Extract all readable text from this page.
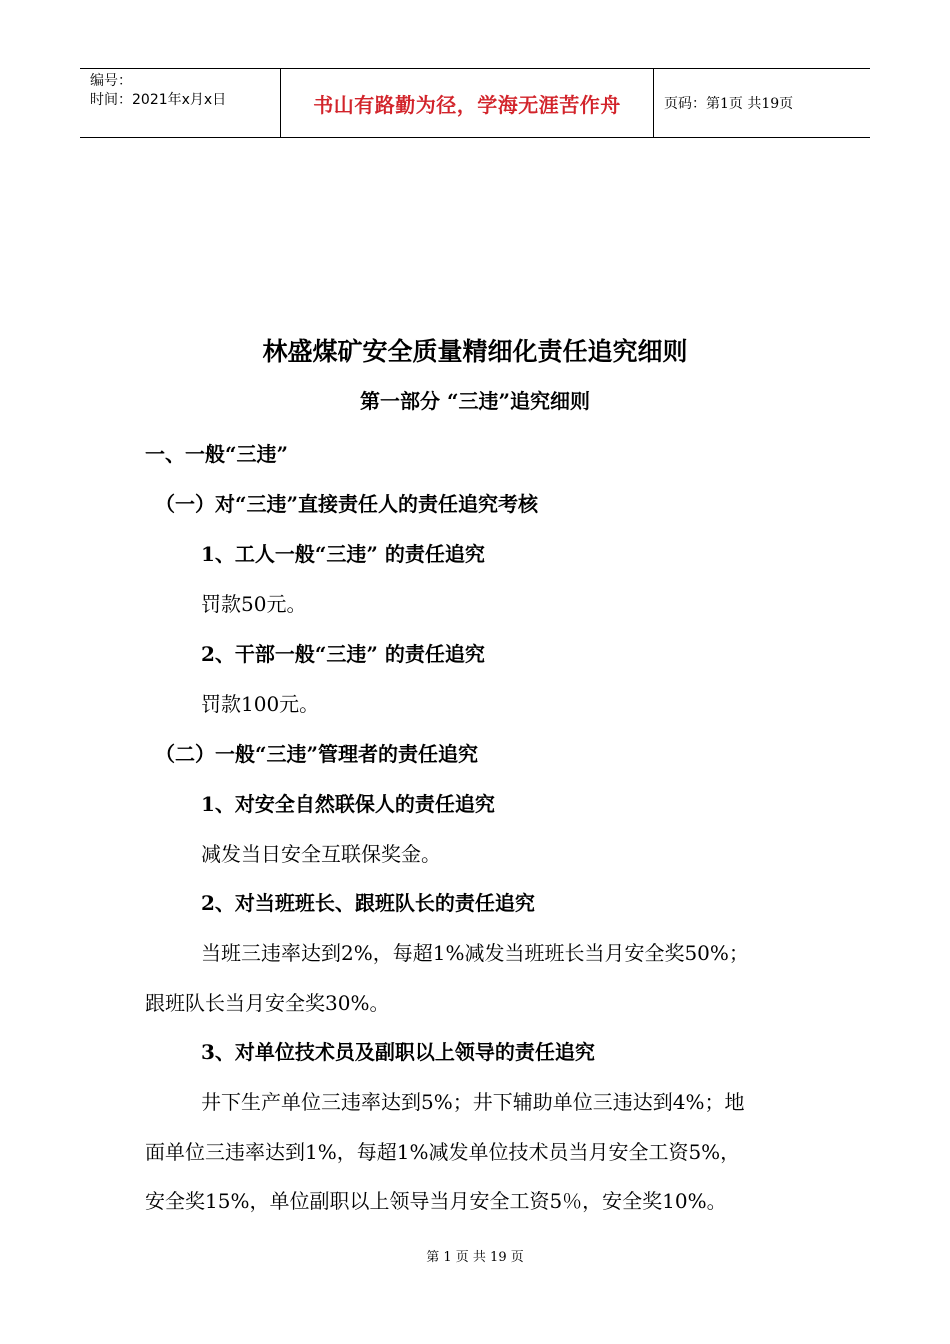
编号：
时间：2021年x月x日	书山有路勤为径，学海无涯苦作舟	页码：第1页 共19页
林盛煤矿安全质量精细化责任追究细则
第一部分 “三违”追究细则
一、一般“三违”
（一）对“三违”直接责任人的责任追究考核
1、工人一般“三违” 的责任追究
罚款50元。
2、干部一般“三违” 的责任追究
罚款100元。
（二）一般“三违”管理者的责任追究
1、对安全自然联保人的责任追究
减发当日安全互联保奖金。
2、对当班班长、跟班队长的责任追究
当班三违率达到2%，每超1%减发当班班长当月安全奖50%；
跟班队长当月安全奖30%。
3、对单位技术员及副职以上领导的责任追究
井下生产单位三违率达到5%；井下辅助单位三违达到4%；地
面单位三违率达到1%，每超1%减发单位技术员当月安全工资5%，
安全奖15%，单位副职以上领导当月安全工资5％，安全奖10%。
第 1 页 共 19 页
